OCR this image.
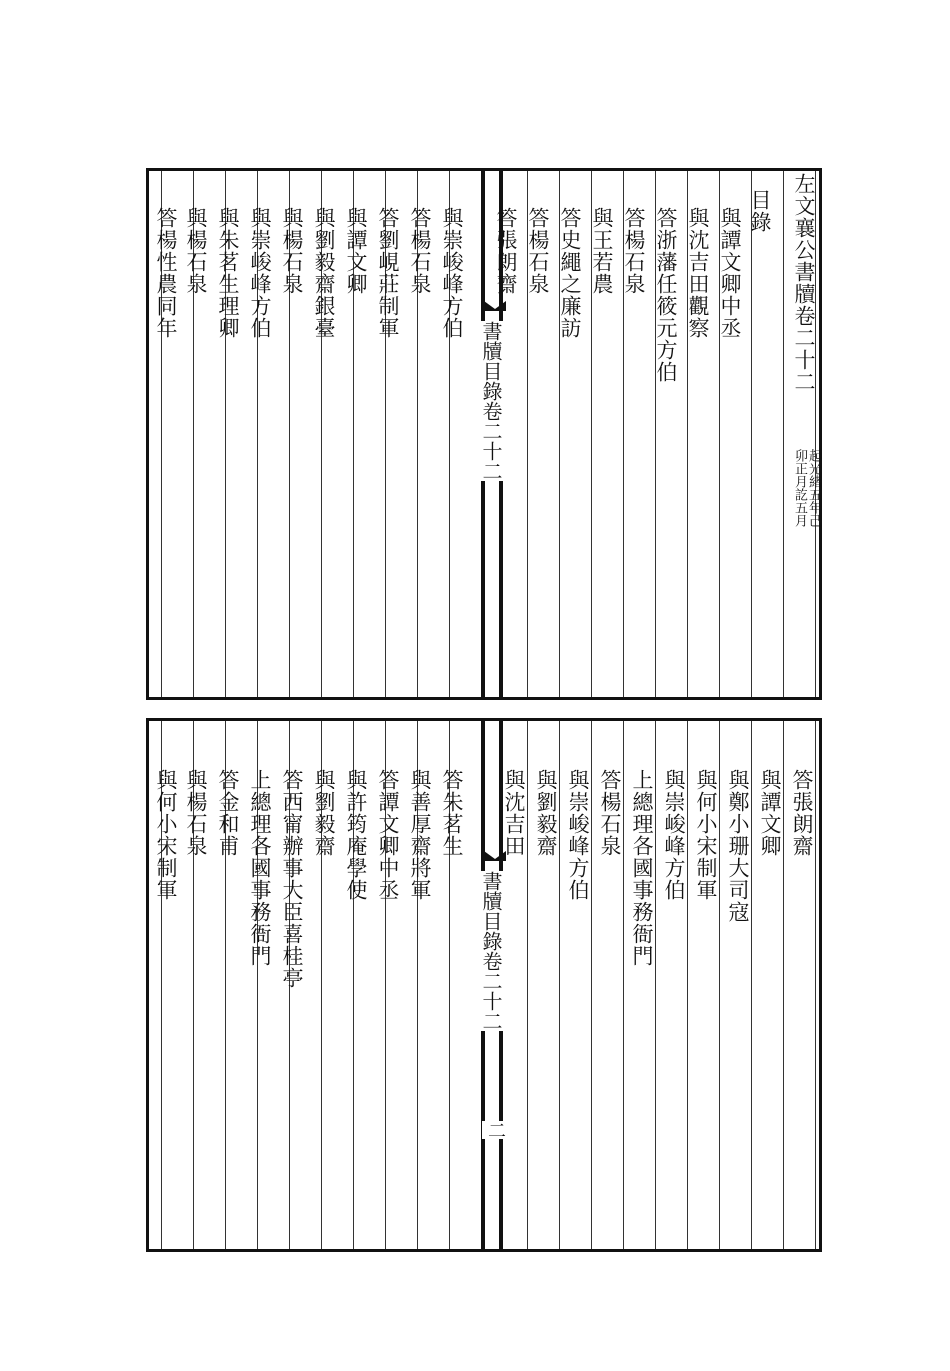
書牘目錄卷二十二
左文襄公書牘卷二十二
起光緒五年己
卯正月訖五月
目錄
與譚文卿中丞
與沈吉田觀察
答浙藩任筱元方伯
答楊石泉
與王若農
答史繩之廉訪
答楊石泉
答張朗齋
與崇峻峰方伯
答楊石泉
答劉峴莊制軍
與譚文卿
與劉毅齋銀臺
與楊石泉
與崇峻峰方伯
與朱茗生理卿
與楊石泉
答楊性農同年
書牘目錄卷二十二
二
答張朗齋
與譚文卿
與鄭小珊大司寇
與何小宋制軍
與崇峻峰方伯
上總理各國事務衙門
答楊石泉
與崇峻峰方伯
與劉毅齋
與沈吉田
答朱茗生
與善厚齋將軍
答譚文卿中丞
與許筠庵學使
與劉毅齋
答西甯辦事大臣喜桂亭
上總理各國事務衙門
答金和甫
與楊石泉
與何小宋制軍
